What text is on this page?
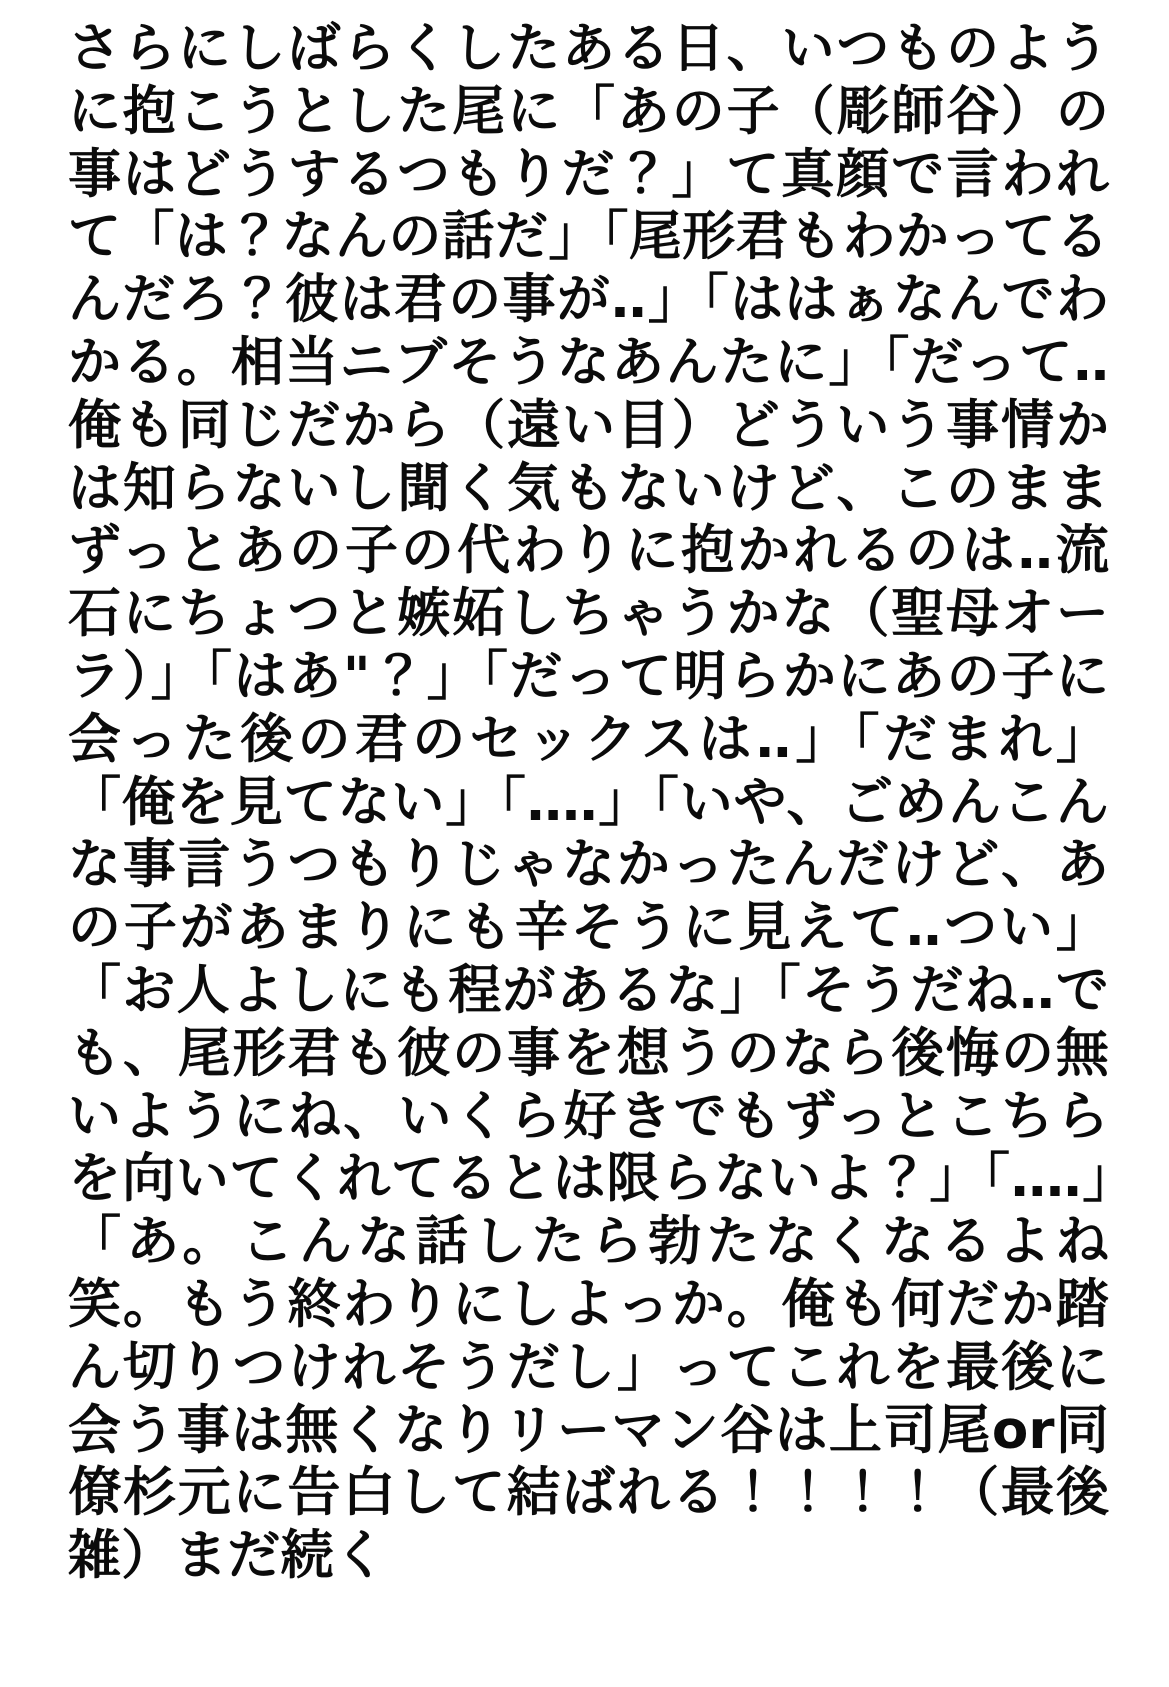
さらにしばらくしたある日、いつものように抱こうとした尾に「あの子（彫師谷）の事はどうするつもりだ？」て真顔で言われて「は？なんの話だ」「尾形君もわかってるんだろ？彼は君の事が‥」「ははぁなんでわかる。相当ニブそうなあんたに」「だって‥俺も同じだから（遠い目）どういう事情かは知らないし聞く気もないけど、このままずっとあの子の代わりに抱かれるのは‥流石にちょつと嫉妬しちゃうかな（聖母オーラ）」「はあ"？」「だって明らかにあの子に会った後の君のセックスは‥」「だまれ」「俺を見てない」「‥‥」「いや、ごめんこんな事言うつもりじゃなかったんだけど、あの子があまりにも辛そうに見えて‥つい」「お人よしにも程があるな」「そうだね‥でも、尾形君も彼の事を想うのなら後悔の無いようにね、いくら好きでもずっとこちらを向いてくれてるとは限らないよ？」「‥‥」「あ。こんな話したら勃たなくなるよね笑。もう終わりにしよっか。俺も何だか踏ん切りつけれそうだし」ってこれを最後に会う事は無くなりリーマン谷は上司尾or同僚杉元に告白して結ばれる！！！！（最後雑）まだ続く
